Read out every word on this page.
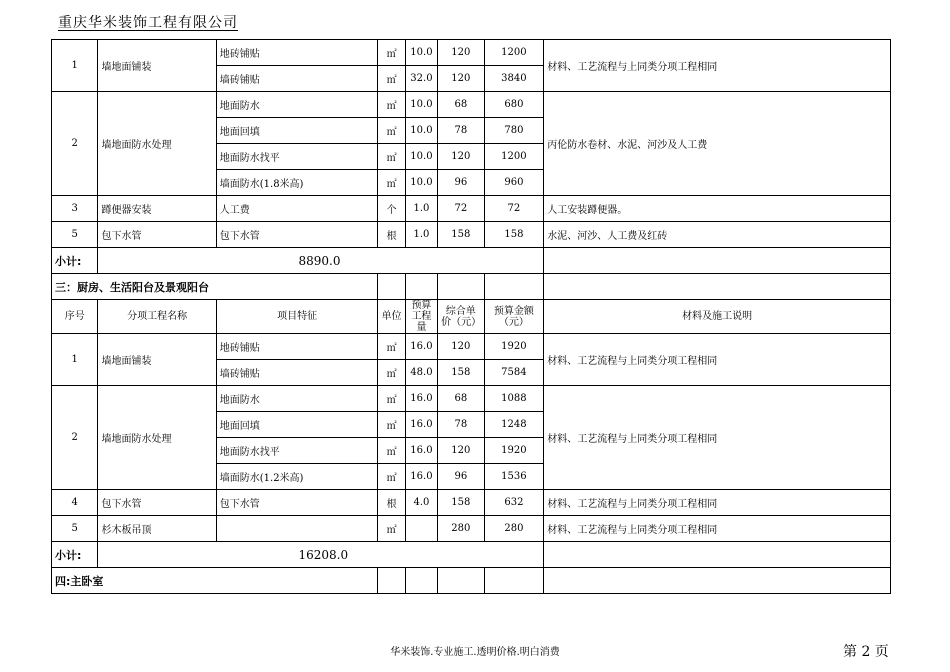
重庆华米装饰工程有限公司
1	墙地面铺装	地砖铺贴	㎡	10.0	120	1200	材料、工艺流程与上同类分项工程相同
		墙砖铺贴	㎡	32.0	120	3840	
2	墙地面防水处理	地面防水	㎡	10.0	68	680	丙伦防水卷材、水泥、河沙及人工费
		地面回填	㎡	10.0	78	780	
		地面防水找平	㎡	10.0	120	1200	
		墙面防水(1.8米高)	㎡	10.0	96	960	
3	蹲便器安装	人工费	个	1.0	72	72	人工安装蹲便器。
5	包下水管	包下水管	根	1.0	158	158	水泥、河沙、人工费及红砖
小计:	8890.0						
三：厨房、生活阳台及景观阳台							
序号	分项工程名称	项目特征	单位	预算工程量	综合单价（元）	预算金额（元）	材料及施工说明
1	墙地面铺装	地砖铺贴	㎡	16.0	120	1920	材料、工艺流程与上同类分项工程相同
		墙砖铺贴	㎡	48.0	158	7584	
2	墙地面防水处理	地面防水	㎡	16.0	68	1088	材料、工艺流程与上同类分项工程相同
		地面回填	㎡	16.0	78	1248	
		地面防水找平	㎡	16.0	120	1920	
		墙面防水(1.2米高)	㎡	16.0	96	1536	
4	包下水管	包下水管	根	4.0	158	632	材料、工艺流程与上同类分项工程相同
5	杉木板吊顶		㎡		280	280	材料、工艺流程与上同类分项工程相同
小计:	16208.0						
四:主卧室							
华米装饰.专业施工.透明价格.明白消费	第 2 页
